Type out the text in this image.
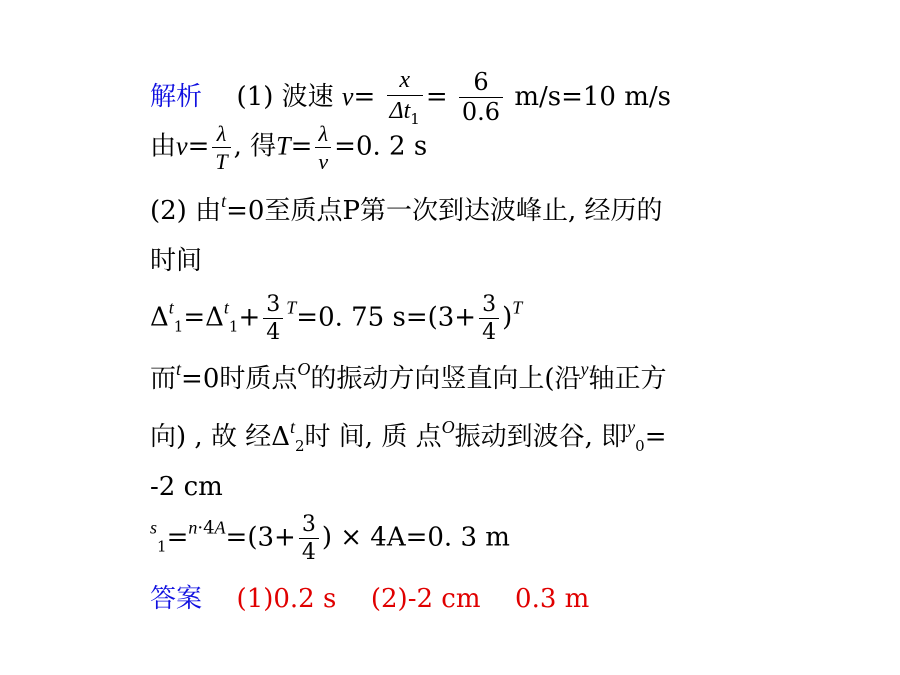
解析 (1) 波速 $v= \frac{x}{\Delta t_1} = \frac{6}{0.6} m/s=10$ m/s
由$v= \frac{\lambda}{T}$ , 得$T= \frac{\lambda}{v} =0$. 2 s
(2) 由$^t$=0至质点P第一次到达波峰止, 经历的
时间
$\Delta^t_1=\Delta^t_1+ \frac{3}{4} ^T=0$. 75 $s=(3+ \frac{3}{4} )^T$
而$^t$=0时质点$^O$的振动方向竖直向上(沿$^y$轴正方
向) , 故 经$\Delta^t_2$时 间, 质 点$^O$振动到波谷, 即$^y_0$=
-2 cm
$^s_1=^{n\cdot 4A}=(3+ \frac{3}{4}$ ) × 4A=0. 3 m
答案 (1)0.2 s (2)-2 cm 0.3 m
